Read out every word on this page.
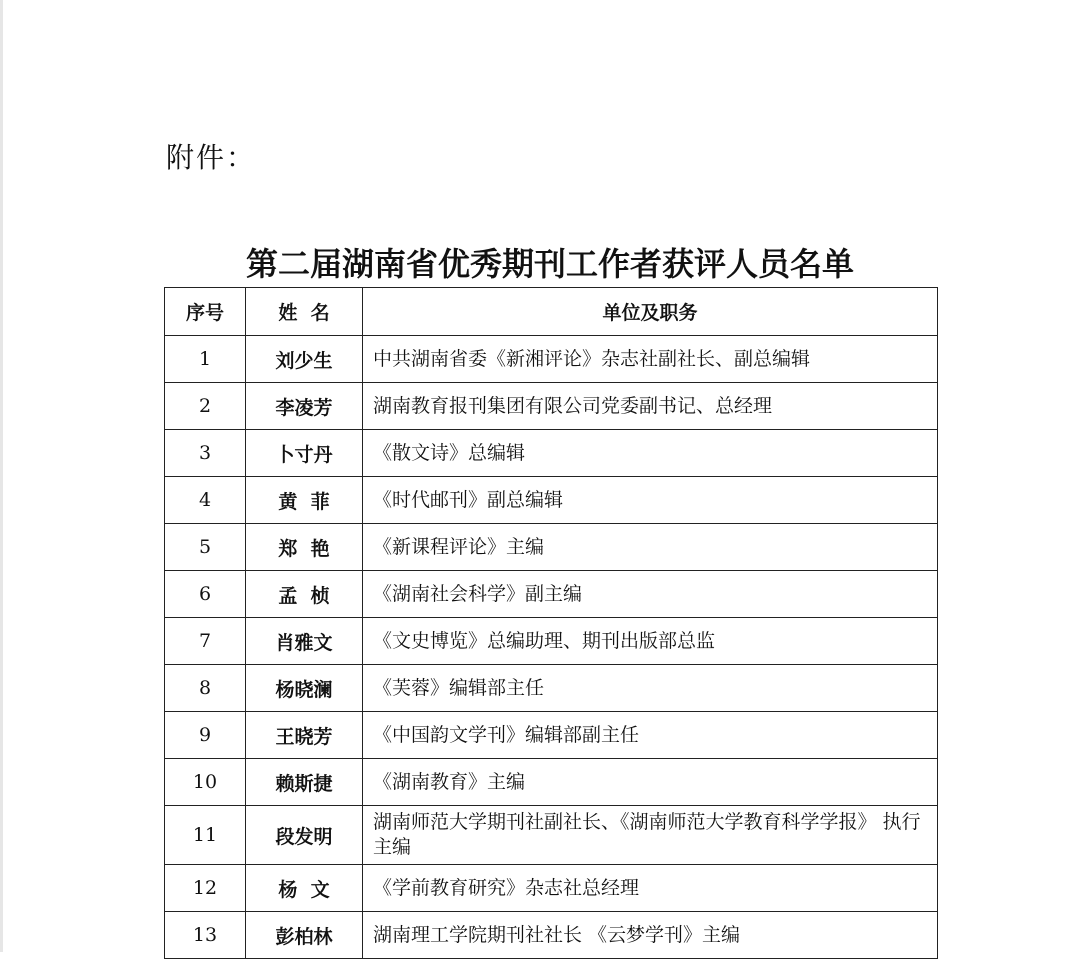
附件：
第二届湖南省优秀期刊工作者获评人员名单
序号	姓  名	单位及职务
1	刘少生	中共湖南省委《新湘评论》杂志社副社长、副总编辑
2	李凌芳	湖南教育报刊集团有限公司党委副书记、总经理
3	卜寸丹	《散文诗》总编辑
4	黄  菲	《时代邮刊》副总编辑
5	郑  艳	《新课程评论》主编
6	孟  桢	《湖南社会科学》副主编
7	肖雅文	《文史博览》总编助理、期刊出版部总监
8	杨晓澜	《芙蓉》编辑部主任
9	王晓芳	《中国韵文学刊》编辑部副主任
10	赖斯捷	《湖南教育》主编
11	段发明	湖南师范大学期刊社副社长、《湖南师范大学教育科学学报》 执行主编
12	杨  文	《学前教育研究》杂志社总经理
13	彭柏林	湖南理工学院期刊社社长 《云梦学刊》主编
